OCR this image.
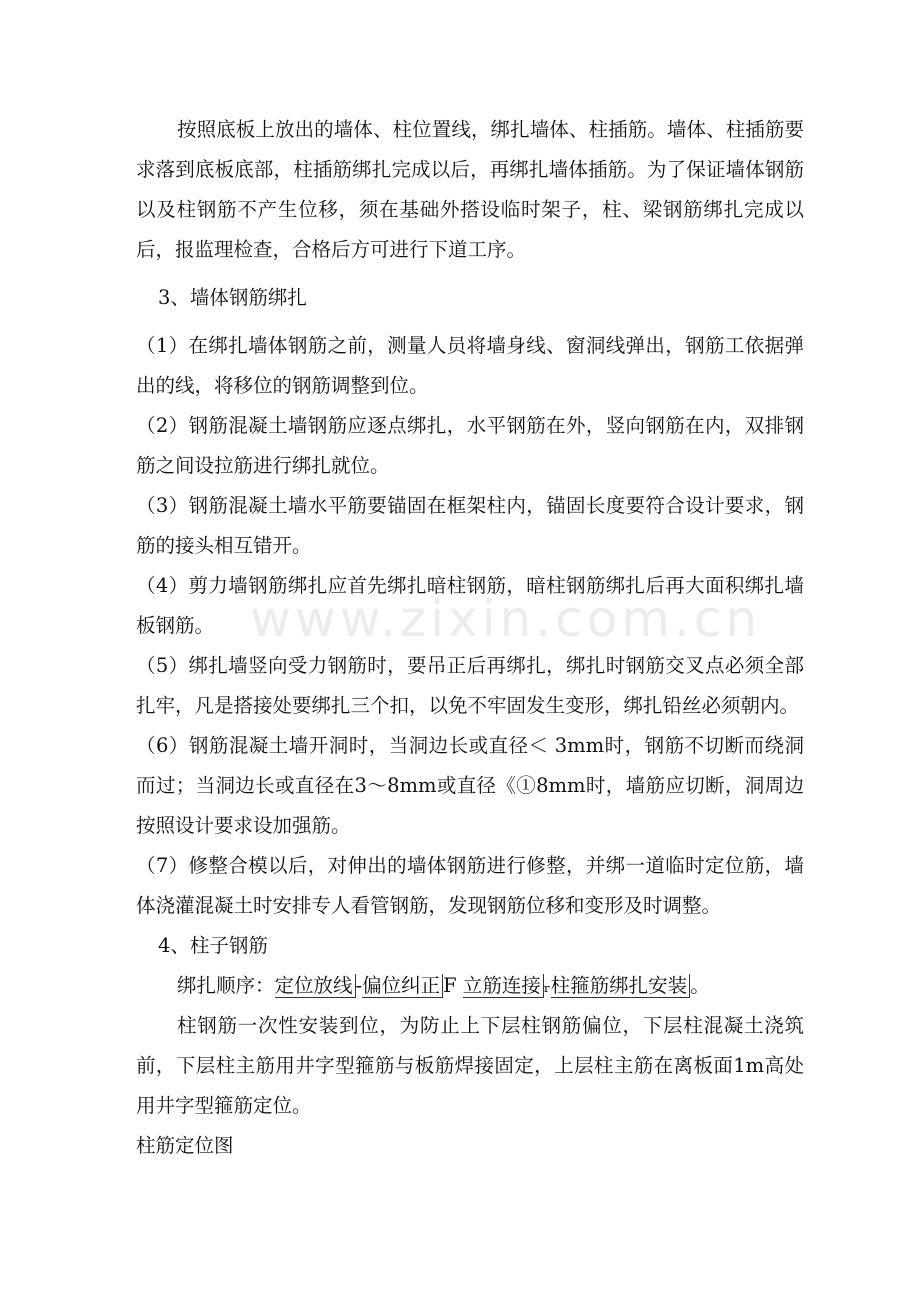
www.zixin.com.cn

按照底板上放出的墙体、柱位置线，绑扎墙体、柱插筋。墙体、柱插筋要求落到底板底部，柱插筋绑扎完成以后，再绑扎墙体插筋。为了保证墙体钢筋以及柱钢筋不产生位移，须在基础外搭设临时架子，柱、梁钢筋绑扎完成以后，报监理检查，合格后方可进行下道工序。

3、墙体钢筋绑扎

（1）在绑扎墙体钢筋之前，测量人员将墙身线、窗洞线弹出，钢筋工依据弹出的线，将移位的钢筋调整到位。

（2）钢筋混凝土墙钢筋应逐点绑扎，水平钢筋在外，竖向钢筋在内，双排钢筋之间设拉筋进行绑扎就位。

（3）钢筋混凝土墙水平筋要锚固在框架柱内，锚固长度要符合设计要求，钢筋的接头相互错开。

（4）剪力墙钢筋绑扎应首先绑扎暗柱钢筋，暗柱钢筋绑扎后再大面积绑扎墙板钢筋。

（5）绑扎墙竖向受力钢筋时，要吊正后再绑扎，绑扎时钢筋交叉点必须全部扎牢，凡是搭接处要绑扎三个扣，以免不牢固发生变形，绑扎铅丝必须朝内。

（6）钢筋混凝土墙开洞时，当洞边长或直径＜ 3mm时，钢筋不切断而绕洞而过；当洞边长或直径在3～8mm或直径《①8mm时，墙筋应切断，洞周边按照设计要求设加强筋。

（7）修整合模以后，对伸出的墙体钢筋进行修整，并绑一道临时定位筋，墙体浇灌混凝土时安排专人看管钢筋，发现钢筋位移和变形及时调整。

4、柱子钢筋

绑扎顺序：定位放线 -偏位纠正 F 立筋连接 ᵣ柱箍筋绑扎安装 。

柱钢筋一次性安装到位，为防止上下层柱钢筋偏位，下层柱混凝土浇筑前，下层柱主筋用井字型箍筋与板筋焊接固定，上层柱主筋在离板面1m高处用井字型箍筋定位。

柱筋定位图
